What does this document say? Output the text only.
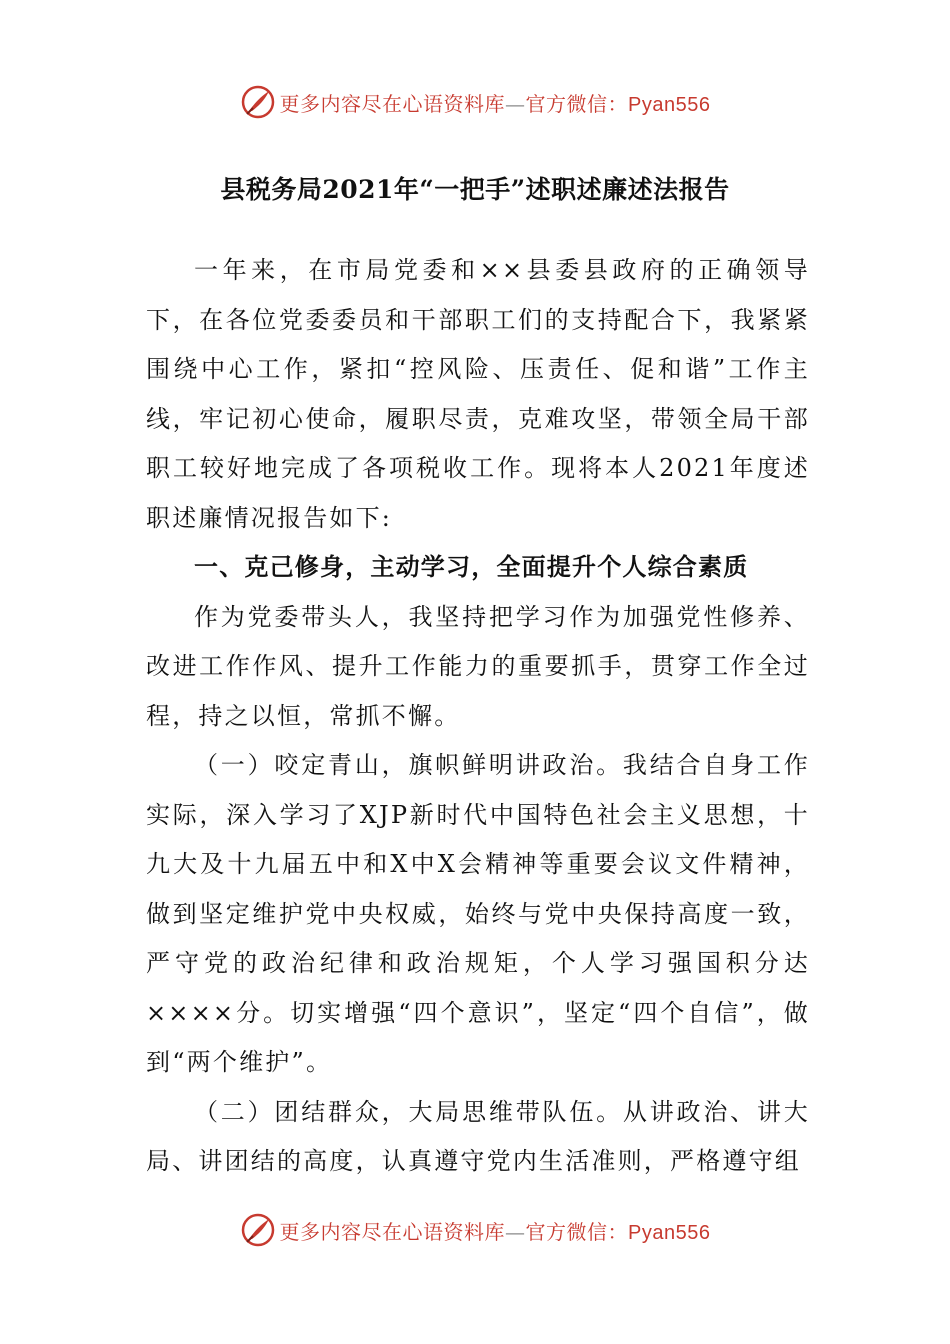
更多内容尽在心语资料库—官方微信：Pyan556
县税务局2021年“一把手”述职述廉述法报告

一年来，在市局党委和××县委县政府的正确领导下，在各位党委委员和干部职工们的支持配合下，我紧紧围绕中心工作，紧扣“控风险、压责任、促和谐”工作主线，牢记初心使命，履职尽责，克难攻坚，带领全局干部职工较好地完成了各项税收工作。现将本人2021年度述职述廉情况报告如下:

一、克己修身，主动学习，全面提升个人综合素质

作为党委带头人，我坚持把学习作为加强党性修养、改进工作作风、提升工作能力的重要抓手，贯穿工作全过程，持之以恒，常抓不懈。

（一）咬定青山，旗帜鲜明讲政治。我结合自身工作实际，深入学习了XJP新时代中国特色社会主义思想，十九大及十九届五中和X中X会精神等重要会议文件精神，做到坚定维护党中央权威，始终与党中央保持高度一致，严守党的政治纪律和政治规矩，个人学习强国积分达××××分。切实增强“四个意识”，坚定“四个自信”，做到“两个维护”。

（二）团结群众，大局思维带队伍。从讲政治、讲大局、讲团结的高度，认真遵守党内生活准则，严格遵守组

更多内容尽在心语资料库—官方微信：Pyan556
